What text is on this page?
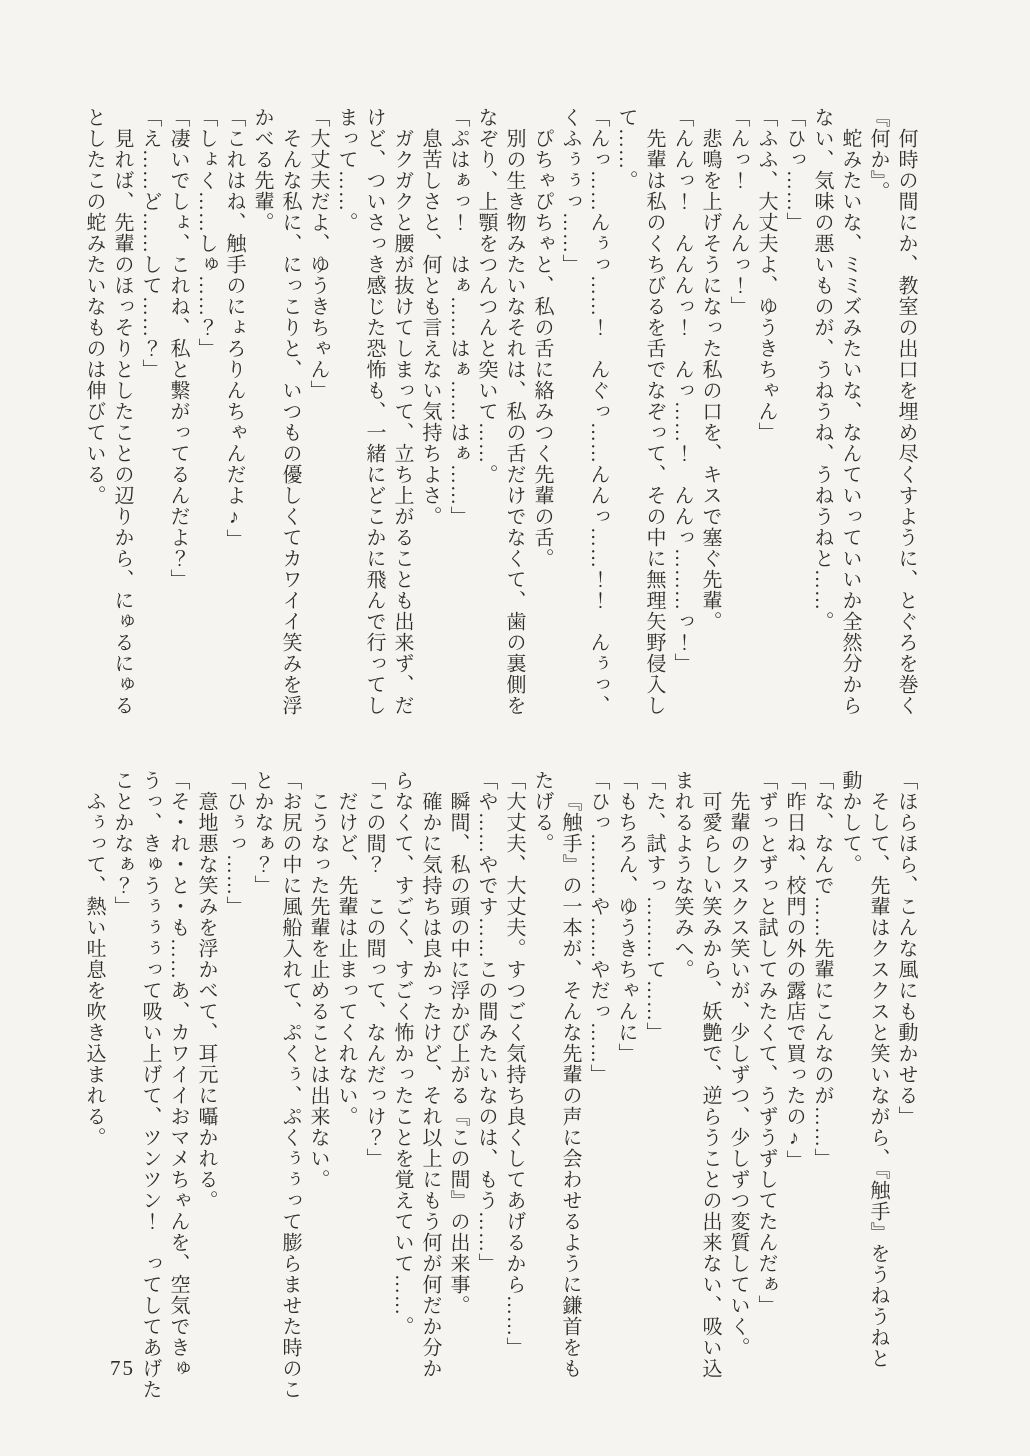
何時の間にか、教室の出口を埋め尽くすように、とぐろを巻く
『何か』。
蛇みたいな、ミミズみたいな、なんていっていいか全然分から
ない、気味の悪いものが、うねうね、うねうねと……。
「ひっ……」
「ふふ、大丈夫よ、ゆうきちゃん」
「んっ！　んんっ！」
悲鳴を上げそうになった私の口を、キスで塞ぐ先輩。
「んんっ！　んんんっ！　んっ……！　んんっ………っ！」
先輩は私のくちびるを舌でなぞって、その中に無理矢野侵入し
て……。
「んっ……んぅっ……！　んぐっ……んんっ……！！　んぅっ、
くふぅぅっ……」
ぴちゃぴちゃと、私の舌に絡みつく先輩の舌。
別の生き物みたいなそれは、私の舌だけでなくて、歯の裏側を
なぞり、上顎をつんつんと突いて……。
「ぷはぁっ！　はぁ……はぁ……はぁ……」
息苦しさと、何とも言えない気持ちよさ。
ガクガクと腰が抜けてしまって、立ち上がることも出来ず、だ
けど、ついさっき感じた恐怖も、一緒にどこかに飛んで行ってし
まって……。
「大丈夫だよ、ゆうきちゃん」
そんな私に、にっこりと、いつもの優しくてカワイイ笑みを浮
かべる先輩。
「これはね、触手のにょろりんちゃんだよ♪」
「しょく……しゅ……？」
「凄いでしょ、これね、私と繋がってるんだよ？」
「え……ど……して……？」
見れば、先輩のほっそりとしたことの辺りから、にゅるにゅる
としたこの蛇みたいなものは伸びている。
「ほらほら、こんな風にも動かせる」
そして、先輩はクスクスと笑いながら、『触手』をうねうねと
動かして。
「な、なんで……先輩にこんなのが……」
「昨日ね、校門の外の露店で買ったの♪」
「ずっとずっと試してみたくて、うずうずしてたんだぁ」
先輩のクスクス笑いが、少しずつ、少しずつ変質していく。
可愛らしい笑みから、妖艶で、逆らうことの出来ない、吸い込
まれるような笑みへ。
「た、試すっ………て……」
「もちろん、ゆうきちゃんに」
「ひっ………や……やだっ……」
『触手』の一本が、そんな先輩の声に会わせるように鎌首をも
たげる。
「大丈夫、大丈夫。すつごく気持ち良くしてあげるから……」
「や……やです……この間みたいなのは、もう……」
瞬間、私の頭の中に浮かび上がる『この間』の出来事。
確かに気持ちは良かったけど、それ以上にもう何が何だか分か
らなくて、すごく、すごく怖かったことを覚えていて……。
「この間？　この間って、なんだっけ？」
だけど、先輩は止まってくれない。
こうなった先輩を止めることは出来ない。
「お尻の中に風船入れて、ぷくぅ、ぷくぅぅって膨らませた時のこ
とかなぁ？」
「ひぅっ……」
意地悪な笑みを浮かべて、耳元に囁かれる。
「そ・れ・と・も……あ、カワイイおマメちゃんを、空気できゅ
うっ、きゅうぅぅぅって吸い上げて、ツンツン！　ってしてあげた
ことかなぁ？」
ふぅって、熱い吐息を吹き込まれる。
75
